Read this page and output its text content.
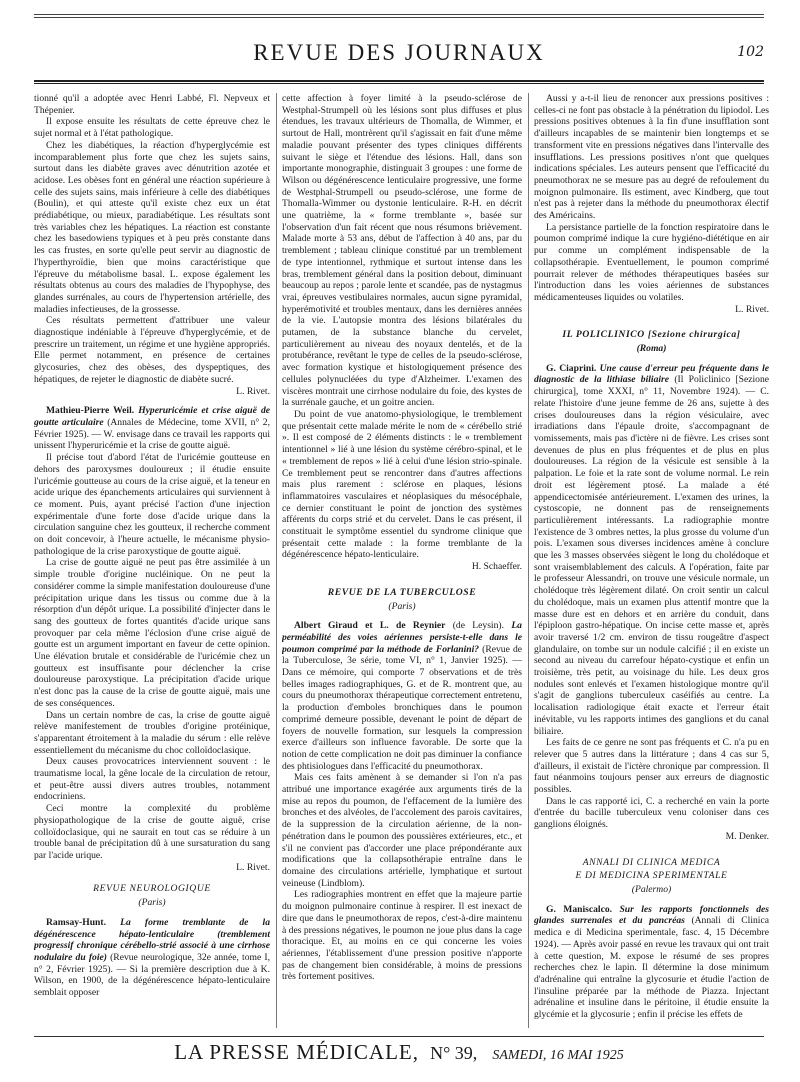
REVUE DES JOURNAUX	102

tionné qu'il a adoptée avec Henri Labbé, Fl. Nepveux et Thépenier.

Il expose ensuite les résultats de cette épreuve chez le sujet normal et à l'état pathologique.

Chez les diabétiques, la réaction d'hyperglycémie est incomparablement plus forte que chez les sujets sains, surtout dans les diabète graves avec dénutrition azotée et acidose. Les obèses font en général une réaction supérieure à celle des sujets sains, mais inférieure à celle des diabétiques (Boulin), et qui atteste qu'il existe chez eux un état prédiabétique, ou mieux, paradiabétique. Les résultats sont très variables chez les hépatiques. La réaction est constante chez les basedowiens typiques et à peu près constante dans les cas frustes, en sorte qu'elle peut servir au diagnostic de l'hyperthyroïdie, bien que moins caractéristique que l'épreuve du métabolisme basal. L. expose également les résultats obtenus au cours des maladies de l'hypophyse, des glandes surrénales, au cours de l'hypertension artérielle, des maladies infectieuses, de la grossesse.

Ces résultats permettent d'attribuer une valeur diagnostique indéniable à l'épreuve d'hyperglycémie, et de prescrire un traitement, un régime et une hygiène appropriés. Elle permet notamment, en présence de certaines glycosuries, chez des obèses, des dyspeptiques, des hépatiques, de rejeter le diagnostic de diabète sucré.
L. Rivet.

Mathieu-Pierre Weil. Hyperuricémie et crise aiguë de goutte articulaire (Annales de Médecine, tome XVII, n° 2, Février 1925). — W. envisage dans ce travail les rapports qui unissent l'hyperuricémie et la crise de goutte aiguë.

Il précise tout d'abord l'état de l'uricémie goutteuse en dehors des paroxysmes douloureux ; il étudie ensuite l'uricémie goutteuse au cours de la crise aiguë, et la teneur en acide urique des épanchements articulaires qui surviennent à ce moment. Puis, ayant précisé l'action d'une injection expérimentale d'une forte dose d'acide urique dans la circulation sanguine chez les goutteux, il recherche comment on doit concevoir, à l'heure actuelle, le mécanisme physio-pathologique de la crise paroxystique de goutte aiguë.

La crise de goutte aiguë ne peut pas être assimilée à un simple trouble d'origine nucléinique. On ne peut la considérer comme la simple manifestation douloureuse d'une précipitation urique dans les tissus ou comme due à la résorption d'un dépôt urique. La possibilité d'injecter dans le sang des goutteux de fortes quantités d'acide urique sans provoquer par cela même l'éclosion d'une crise aiguë de goutte est un argument important en faveur de cette opinion. Une élévation brutale et considérable de l'uricémie chez un goutteux est insuffisante pour déclencher la crise douloureuse paroxystique. La précipitation d'acide urique n'est donc pas la cause de la crise de goutte aiguë, mais une de ses conséquences.

Dans un certain nombre de cas, la crise de goutte aiguë relève manifestement de troubles d'origine protéinique, s'apparentant étroitement à la maladie du sérum : elle relève essentiellement du mécanisme du choc colloïdoclasique.

Deux causes provocatrices interviennent souvent : le traumatisme local, la gêne locale de la circulation de retour, et peut-être aussi divers autres troubles, notamment endocriniens.

Ceci montre la complexité du problème physiopathologique de la crise de goutte aiguë, crise colloïdoclasique, qui ne saurait en tout cas se réduire à un trouble banal de précipitation dû à une sursaturation du sang par l'acide urique.
L. Rivet.

REVUE NEUROLOGIQUE
(Paris)

Ramsay-Hunt. La forme tremblante de la dégénérescence hépato-lenticulaire (tremblement progressif chronique cérébello-strié associé à une cirrhose nodulaire du foie) (Revue neurologique, 32e année, tome I, n° 2, Février 1925). — Si la première description due à K. Wilson, en 1900, de la dégénérescence hépato-lenticulaire semblait opposer

cette affection à foyer limité à la pseudo-sclérose de Westphal-Strumpell où les lésions sont plus diffuses et plus étendues, les travaux ultérieurs de Thomalla, de Wimmer, et surtout de Hall, montrèrent qu'il s'agissait en fait d'une même maladie pouvant présenter des types cliniques différents suivant le siège et l'étendue des lésions. Hall, dans son importante monographie, distinguait 3 groupes : une forme de Wilson ou dégénérescence lenticulaire progressive, une forme de Westphal-Strumpell ou pseudo-sclérose, une forme de Thomalla-Wimmer ou dystonie lenticulaire. R-H. en décrit une quatrième, la « forme tremblante », basée sur l'observation d'un fait récent que nous résumons brièvement. Malade morte à 53 ans, début de l'affection à 40 ans, par du tremblement ; tableau clinique constitué par un tremblement de type intentionnel, rythmique et surtout intense dans les bras, tremblement général dans la position debout, diminuant beaucoup au repos ; parole lente et scandée, pas de nystagmus vrai, épreuves vestibulaires normales, aucun signe pyramidal, hyperémotivité et troubles mentaux, dans les dernières années de la vie. L'autopsie montra des lésions bilatérales du putamen, de la substance blanche du cervelet, particulièrement au niveau des noyaux dentelés, et de la protubérance, revêtant le type de celles de la pseudo-sclérose, avec formation kystique et histologiquement présence des cellules polynucléées du type d'Alzheimer. L'examen des viscères montrait une cirrhose nodulaire du foie, des kystes de la surrénale gauche, et un goitre ancien.

Du point de vue anatomo-physiologique, le tremblement que présentait cette malade mérite le nom de « cérébello strié ». Il est composé de 2 éléments distincts : le « tremblement intentionnel » lié à une lésion du système cérébro-spinal, et le « tremblement de repos » lié à celui d'une lésion strio-spinale. Ce tremblement peut se rencontrer dans d'autres affections mais plus rarement : sclérose en plaques, lésions inflammatoires vasculaires et néoplasiques du mésocéphale, ce dernier constituant le point de jonction des systèmes afférents du corps strié et du cervelet. Dans le cas présent, il constituait le symptôme essentiel du syndrome clinique que présentait cette malade : la forme tremblante de la dégénérescence hépato-lenticulaire.
H. Schaeffer.

REVUE DE LA TUBERCULOSE
(Paris)

Albert Giraud et L. de Reynier (de Leysin). La perméabilité des voies aériennes persiste-t-elle dans le poumon comprimé par la méthode de Forlanini? (Revue de la Tuberculose, 3e série, tome VI, n° 1, Janvier 1925). — Dans ce mémoire, qui comporte 7 observations et de très belles images radiographiques, G. et de R. montrent que, au cours du pneumothorax thérapeutique correctement entretenu, la production d'emboles bronchiques dans le poumon comprimé demeure possible, devenant le point de départ de foyers de nouvelle formation, sur lesquels la compression exerce d'ailleurs son influence favorable. De sorte que la notion de cette complication ne doit pas diminuer la confiance des phtisiologues dans l'efficacité du pneumothorax.

Mais ces faits amènent à se demander si l'on n'a pas attribué une importance exagérée aux arguments tirés de la mise au repos du poumon, de l'effacement de la lumière des bronches et des alvéoles, de l'accolement des parois cavitaires, de la suppression de la circulation aérienne, de la non-pénétration dans le poumon des poussières extérieures, etc., et s'il ne convient pas d'accorder une place prépondérante aux modifications que la collapsothérapie entraîne dans le domaine des circulations artérielle, lymphatique et surtout veineuse (Lindblom).

Les radiographies montrent en effet que la majeure partie du moignon pulmonaire continue à respirer. Il est inexact de dire que dans le pneumothorax de repos, c'est-à-dire maintenu à des pressions négatives, le poumon ne joue plus dans la cage thoracique. Et, au moins en ce qui concerne les voies aériennes, l'établissement d'une pression positive n'apporte pas de changement bien considérable, à moins de pressions très fortement positives.

Aussi y a-t-il lieu de renoncer aux pressions positives : celles-ci ne font pas obstacle à la pénétration du lipiodol. Les pressions positives obtenues à la fin d'une insufflation sont d'ailleurs incapables de se maintenir bien longtemps et se transforment vite en pressions négatives dans l'intervalle des insufflations. Les pressions positives n'ont que quelques indications spéciales. Les auteurs pensent que l'efficacité du pneumothorax ne se mesure pas au degré de refoulement du moignon pulmonaire. Ils estiment, avec Kindberg, que tout n'est pas à rejeter dans la méthode du pneumothorax électif des Américains.

La persistance partielle de la fonction respiratoire dans le poumon comprimé indique la cure hygiéno-diététique en air pur comme un complément indispensable de la collapsothérapie. Eventuellement, le poumon comprimé pourrait relever de méthodes thérapeutiques basées sur l'introduction dans les voies aériennes de substances médicamenteuses liquides ou volatiles.
L. Rivet.

IL POLICLINICO [Sezione chirurgica]
(Roma)

G. Ciaprini. Une cause d'erreur peu fréquente dans le diagnostic de la lithiase biliaire (Il Policlinico [Sezione chirurgica], tome XXXI, n° 11, Novembre 1924). — C. relate l'histoire d'une jeune femme de 26 ans, sujette à des crises douloureuses dans la région vésiculaire, avec irradiations dans l'épaule droite, s'accompagnant de vomissements, mais pas d'ictère ni de fièvre. Les crises sont devenues de plus en plus fréquentes et de plus en plus douloureuses. La région de la vésicule est sensible à la palpation. Le foie et la rate sont de volume normal. Le rein droit est légèrement ptosé. La malade a été appendicectomisée antérieurement. L'examen des urines, la cystoscopie, ne donnent pas de renseignements particulièrement intéressants. La radiographie montre l'existence de 3 ombres nettes, la plus grosse du volume d'un pois. L'examen sous diverses incidences amène à conclure que les 3 masses observées siègent le long du cholédoque et sont vraisemblablement des calculs. A l'opération, faite par le professeur Alessandri, on trouve une vésicule normale, un cholédoque très légèrement dilaté. On croit sentir un calcul du cholédoque, mais un examen plus attentif montre que la masse dure est en dehors et en arrière du conduit, dans l'épiploon gastro-hépatique. On incise cette masse et, après avoir traversé 1/2 cm. environ de tissu rougeâtre d'aspect glandulaire, on tombe sur un nodule calcifié ; il en existe un second au niveau du carrefour hépato-cystique et enfin un troisième, très petit, au voisinage du hile. Les deux gros nodules sont enlevés et l'examen histologique montre qu'il s'agit de ganglions tuberculeux caséifiés au centre. La localisation radiologique était exacte et l'erreur était inévitable, vu les rapports intimes des ganglions et du canal biliaire.

Les faits de ce genre ne sont pas fréquents et C. n'a pu en relever que 5 autres dans la littérature ; dans 4 cas sur 5, d'ailleurs, il existait de l'ictère chronique par compression. Il faut néanmoins toujours penser aux erreurs de diagnostic possibles.

Dans le cas rapporté ici, C. a recherché en vain la porte d'entrée du bacille tuberculeux venu coloniser dans ces ganglions éloignés.
M. Denker.

ANNALI DI CLINICA MEDICA
E DI MEDICINA SPERIMENTALE
(Palermo)

G. Maniscalco. Sur les rapports fonctionnels des glandes surrenales et du pancréas (Annali di Clinica medica e di Medicina sperimentale, fasc. 4, 15 Décembre 1924). — Après avoir passé en revue les travaux qui ont trait à cette question, M. expose le résumé de ses propres recherches chez le lapin. Il détermine la dose minimum d'adrénaline qui entraîne la glycosurie et étudie l'action de l'insuline préparée par la méthode de Piazza. Injectant adrénaline et insuline dans le péritoine, il étudie ensuite la glycémie et la glycosurie ; enfin il précise les effets de

LA PRESSE MÉDICALE, N° 39, SAMEDI, 16 MAI 1925
